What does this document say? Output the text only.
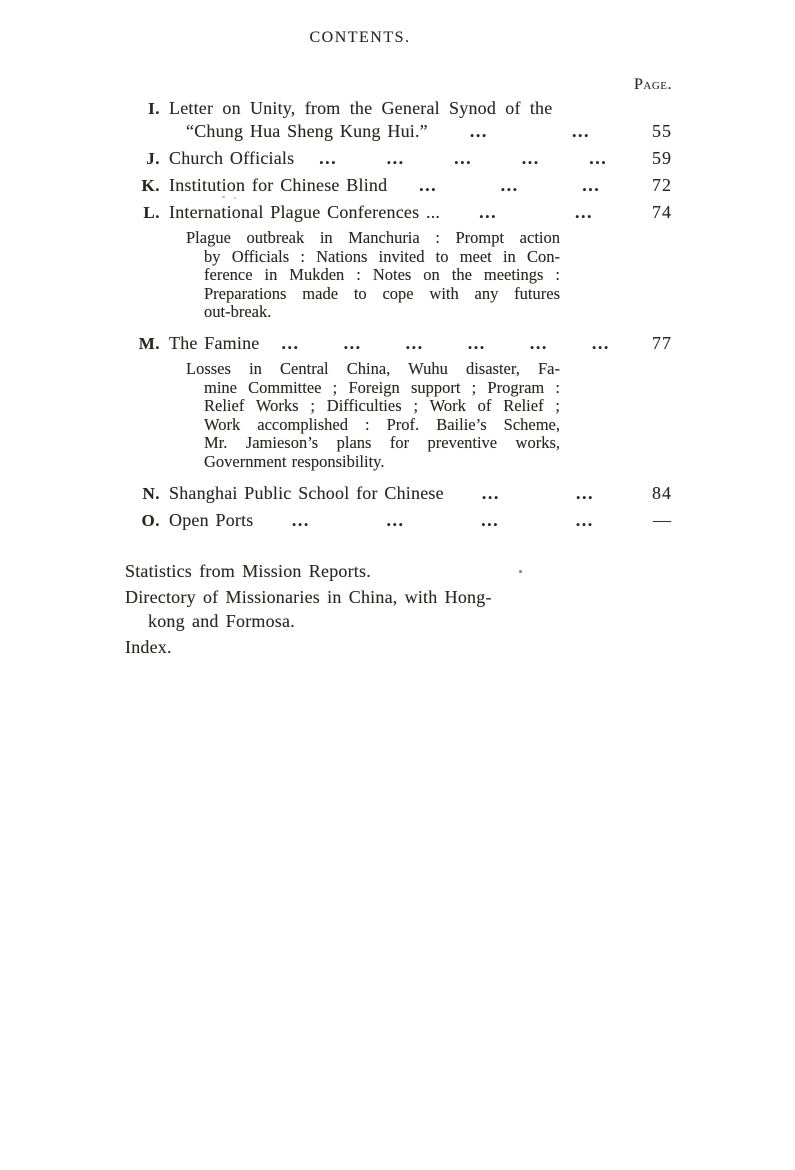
CONTENTS.
Page.
I. Letter on Unity, from the General Synod of the
“Chung Hua Sheng Kung Hui.” ...	...	55
J. Church Officials ...	...	...	...	...	59
K. Institution for Chinese Blind ...	...	...	72
L. International Plague Conferences ... ...	...	74
Plague outbreak in Manchuria : Prompt action
by Officials : Nations invited to meet in Con-
ference in Mukden : Notes on the meetings :
Preparations made to cope with any futures
out-break.
M. The Famine ... ... ... ... ... ...	77
Losses in Central China, Wuhu disaster, Fa-
mine Committee ; Foreign support ; Program :
Relief Works ; Difficulties ; Work of Relief ;
Work accomplished : Prof. Bailie’s Scheme,
Mr. Jamieson’s plans for preventive works,
Government responsibility.
N. Shanghai Public School for Chinese ...	...	84
O. Open Ports ...	...	...	...	—
Statistics from Mission Reports.
Directory of Missionaries in China, with Hong-
kong and Formosa.
Index.
